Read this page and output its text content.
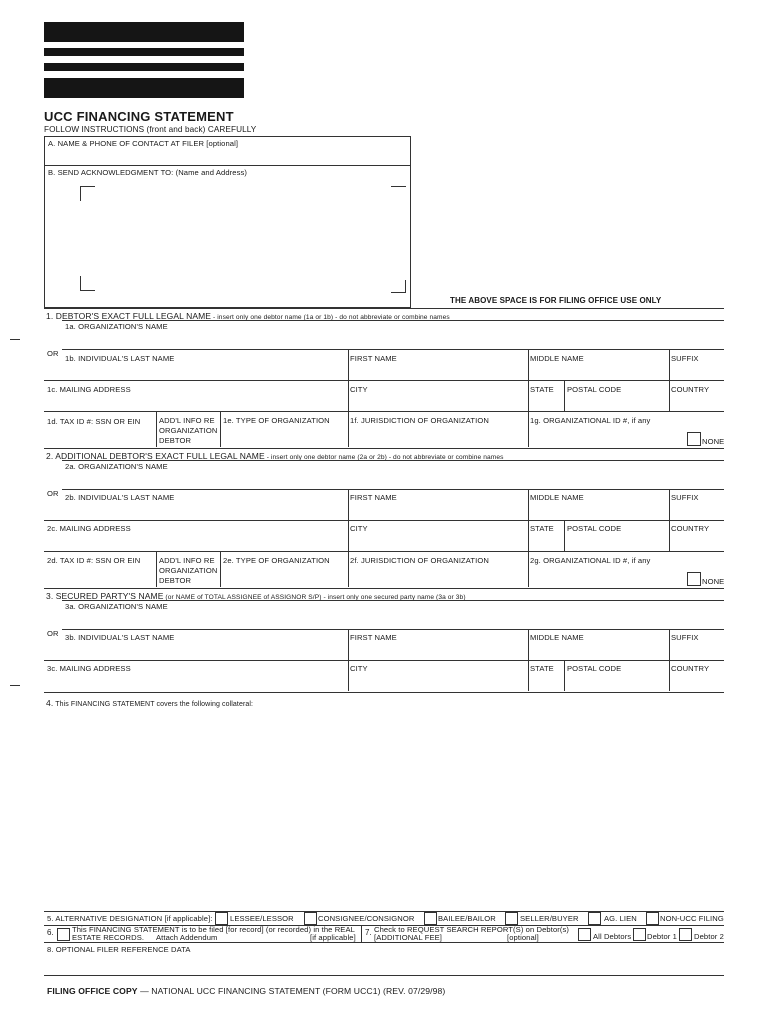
UCC FINANCING STATEMENT
FOLLOW INSTRUCTIONS (front and back) CAREFULLY
A. NAME & PHONE OF CONTACT AT FILER [optional]
B. SEND ACKNOWLEDGMENT TO: (Name and Address)
THE ABOVE SPACE IS FOR FILING OFFICE USE ONLY
1. DEBTOR'S EXACT FULL LEGAL NAME - insert only one debtor name (1a or 1b) - do not abbreviate or combine names
1a. ORGANIZATION'S NAME
OR
1b. INDIVIDUAL'S LAST NAME	FIRST NAME	MIDDLE NAME	SUFFIX
1c. MAILING ADDRESS	CITY	STATE POSTAL CODE	COUNTRY
1d. TAX ID #: SSN OR EIN ADD'L INFO RE
ORGANIZATION
DEBTOR
1e. TYPE OF ORGANIZATION	1f. JURISDICTION OF ORGANIZATION	1g. ORGANIZATIONAL ID #, if any
NONE
2. ADDITIONAL DEBTOR'S EXACT FULL LEGAL NAME - insert only one debtor name (2a or 2b) - do not abbreviate or combine names
2a. ORGANIZATION'S NAME
OR 2b. INDIVIDUAL'S LAST NAME	FIRST NAME	MIDDLE NAME	SUFFIX
2c. MAILING ADDRESS	CITY	STATE POSTAL CODE	COUNTRY
2d. TAX ID #: SSN OR EIN ADD'L INFO RE
ORGANIZATION
DEBTOR
2e. TYPE OF ORGANIZATION	2f. JURISDICTION OF ORGANIZATION	2g. ORGANIZATIONAL ID #, if any
NONE
3. SECURED PARTY'S NAME (or NAME of TOTAL ASSIGNEE of ASSIGNOR S/P) - insert only one secured party name (3a or 3b)
3a. ORGANIZATION'S NAME
OR 3b. INDIVIDUAL'S LAST NAME	FIRST NAME	MIDDLE NAME	SUFFIX
3c. MAILING ADDRESS	CITY	STATE POSTAL CODE	COUNTRY
4. This FINANCING STATEMENT covers the following collateral:
5. ALTERNATIVE DESIGNATION [if applicable]: LESSEE/LESSOR	CONSIGNEE/CONSIGNOR	BAILEE/BAILOR	SELLER/BUYER	AG. LIEN	NON-UCC FILING
6. This FINANCING STATEMENT is to be filed [for record] (or recorded) in the REAL
ESTATE RECORDS. Attach Addendum	[if applicable]
7. Check to REQUEST SEARCH REPORT(S) on Debtor(s)
[ADDITIONAL FEE]	[optional]	All Debtors Debtor 1 Debtor 2
8. OPTIONAL FILER REFERENCE DATA
FILING OFFICE COPY — NATIONAL UCC FINANCING STATEMENT (FORM UCC1) (REV. 07/29/98)
